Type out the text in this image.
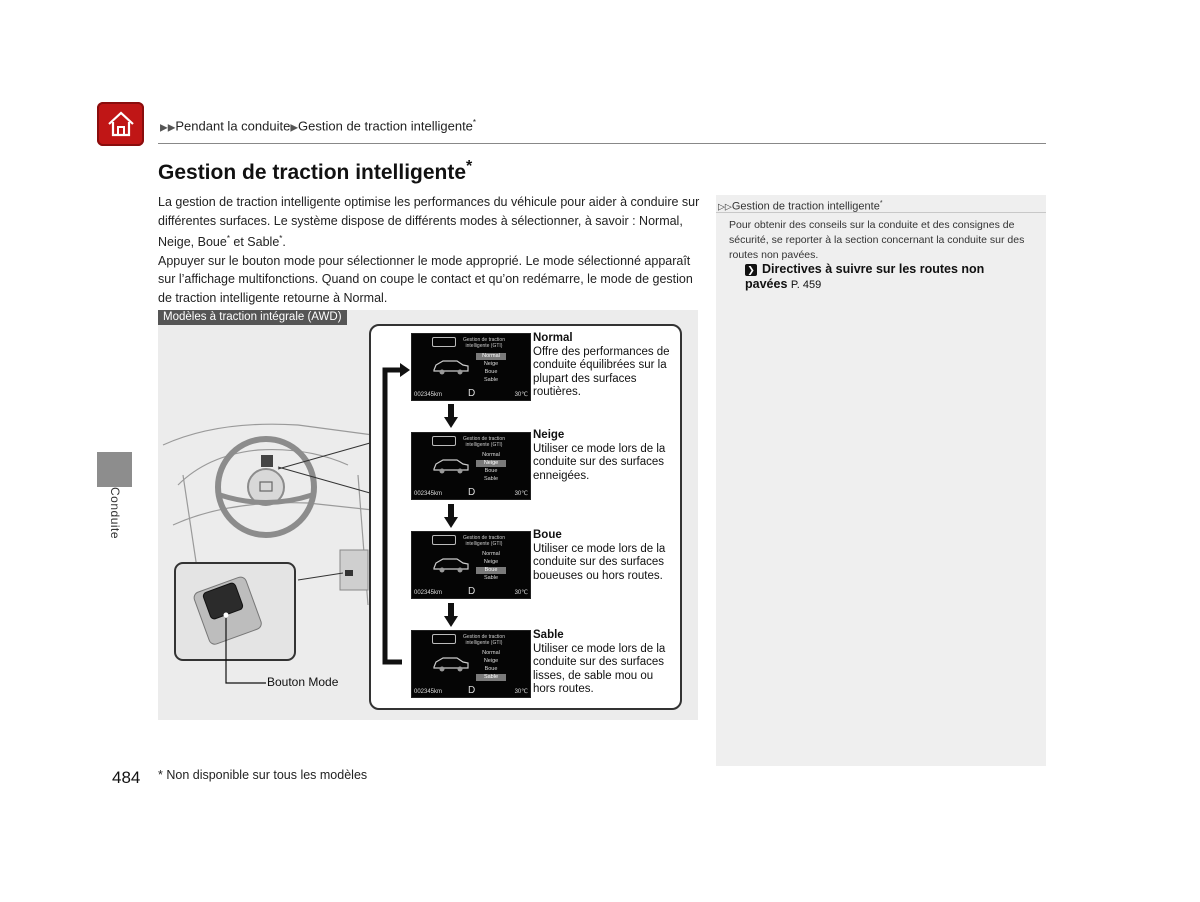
▶▶Pendant la conduite▶Gestion de traction intelligente*
Gestion de traction intelligente*

La gestion de traction intelligente optimise les performances du véhicule pour aider à conduire sur différentes surfaces. Le système dispose de différents modes à sélectionner, à savoir : Normal, Neige, Boue* et Sable*.

Appuyer sur le bouton mode pour sélectionner le mode approprié. Le mode sélectionné apparaît sur l’affichage multifonctions. Quand on coupe le contact et qu’on redémarre, le mode de gestion de traction intelligente retourne à Normal.

Conduite
Modèles à traction intégrale (AWD)
Bouton Mode
Gestion de traction intelligente (GTI)
Normal
Neige
Boue
Sable
002345km	D	30℃
Gestion de traction intelligente (GTI)
Normal
Neige
Boue
Sable
002345km	D	30℃
Gestion de traction intelligente (GTI)
Normal
Neige
Boue
Sable
002345km	D	30℃
Gestion de traction intelligente (GTI)
Normal
Neige
Boue
Sable
002345km	D	30℃
Normal
Offre des performances de conduite équilibrées sur la plupart des surfaces routières.
Neige
Utiliser ce mode lors de la conduite sur des surfaces enneigées.
Boue
Utiliser ce mode lors de la conduite sur des surfaces boueuses ou hors routes.
Sable
Utiliser ce mode lors de la conduite sur des surfaces lisses, de sable mou ou hors routes.
▷▷Gestion de traction intelligente*
Pour obtenir des conseils sur la conduite et des consignes de sécurité, se reporter à la section concernant la conduite sur des routes non pavées.
❯ Directives à suivre sur les routes non pavées P. 459
484 * Non disponible sur tous les modèles
